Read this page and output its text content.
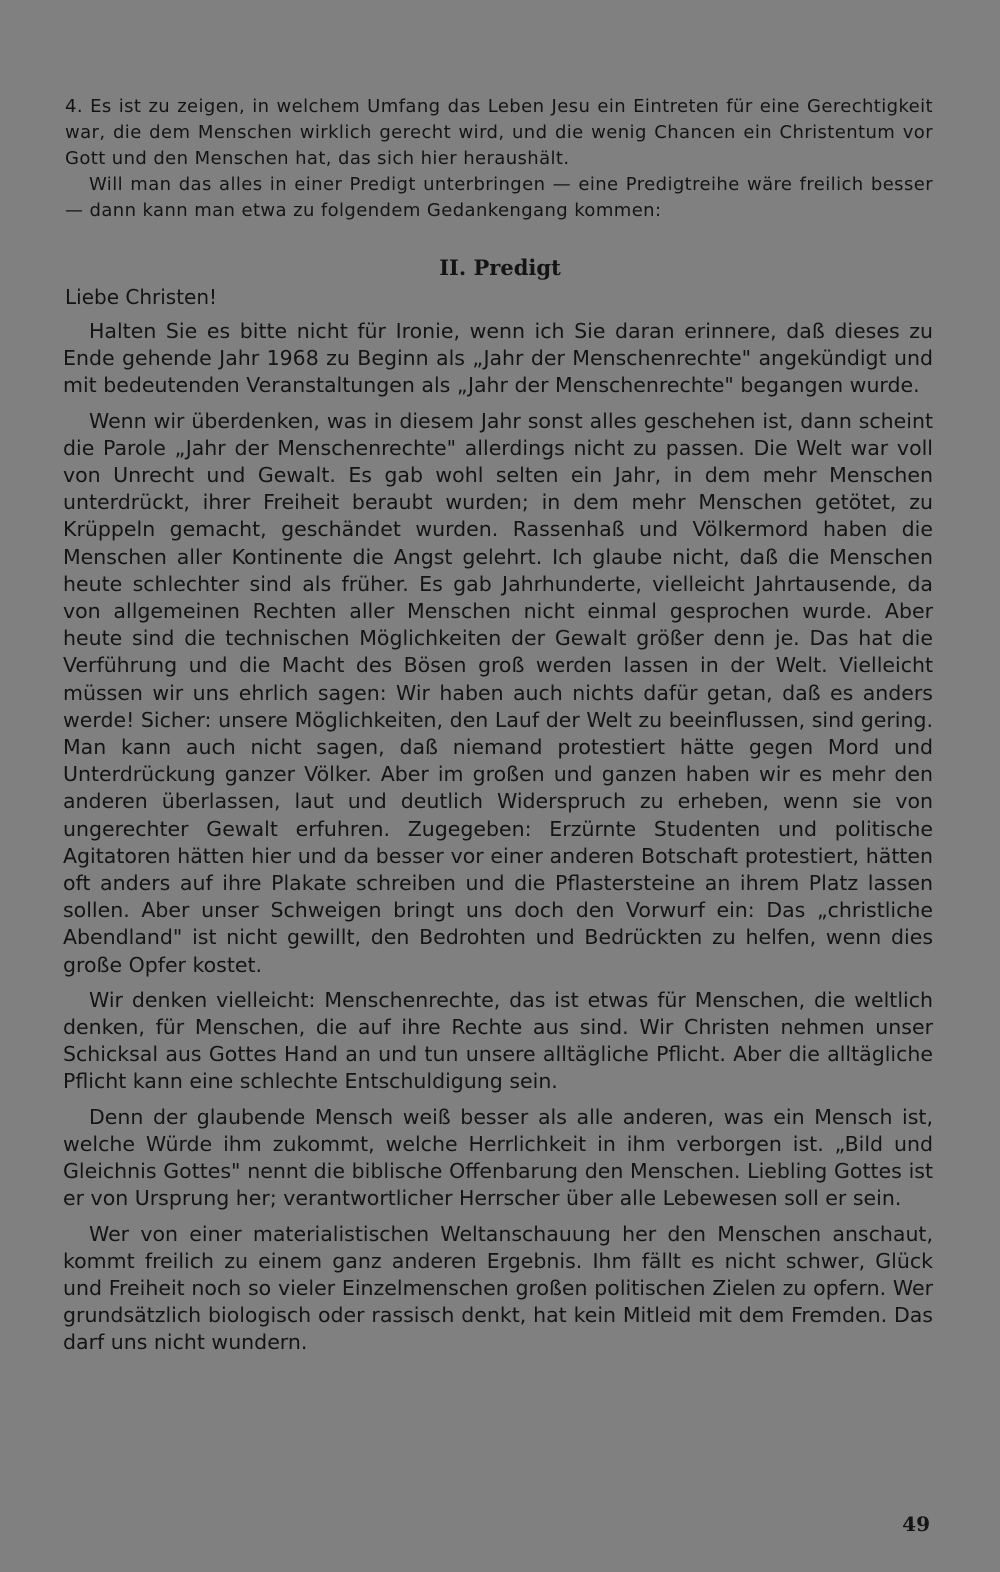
4. Es ist zu zeigen, in welchem Umfang das Leben Jesu ein Eintreten für eine Gerechtigkeit war, die dem Menschen wirklich gerecht wird, und die wenig Chancen ein Christentum vor Gott und den Menschen hat, das sich hier heraushält.

Will man das alles in einer Predigt unterbringen — eine Predigtreihe wäre freilich besser — dann kann man etwa zu folgendem Gedankengang kommen:

II. Predigt
Liebe Christen!

Halten Sie es bitte nicht für Ironie, wenn ich Sie daran erinnere, daß dieses zu Ende gehende Jahr 1968 zu Beginn als „Jahr der Menschenrechte" angekündigt und mit bedeutenden Veranstaltungen als „Jahr der Menschenrechte" begangen wurde.

Wenn wir überdenken, was in diesem Jahr sonst alles geschehen ist, dann scheint die Parole „Jahr der Menschenrechte" allerdings nicht zu passen. Die Welt war voll von Unrecht und Gewalt. Es gab wohl selten ein Jahr, in dem mehr Menschen unterdrückt, ihrer Freiheit beraubt wurden; in dem mehr Menschen getötet, zu Krüppeln gemacht, geschändet wurden. Rassenhaß und Völkermord haben die Menschen aller Kontinente die Angst gelehrt. Ich glaube nicht, daß die Menschen heute schlechter sind als früher. Es gab Jahrhunderte, vielleicht Jahrtausende, da von allgemeinen Rechten aller Menschen nicht einmal gesprochen wurde. Aber heute sind die technischen Möglichkeiten der Gewalt größer denn je. Das hat die Verführung und die Macht des Bösen groß werden lassen in der Welt. Vielleicht müssen wir uns ehrlich sagen: Wir haben auch nichts dafür getan, daß es anders werde! Sicher: unsere Möglichkeiten, den Lauf der Welt zu beeinflussen, sind gering. Man kann auch nicht sagen, daß niemand protestiert hätte gegen Mord und Unterdrückung ganzer Völker. Aber im großen und ganzen haben wir es mehr den anderen überlassen, laut und deutlich Widerspruch zu erheben, wenn sie von ungerechter Gewalt erfuhren. Zugegeben: Erzürnte Studenten und politische Agitatoren hätten hier und da besser vor einer anderen Botschaft protestiert, hätten oft anders auf ihre Plakate schreiben und die Pflastersteine an ihrem Platz lassen sollen. Aber unser Schweigen bringt uns doch den Vorwurf ein: Das „christliche Abendland" ist nicht gewillt, den Bedrohten und Bedrückten zu helfen, wenn dies große Opfer kostet.

Wir denken vielleicht: Menschenrechte, das ist etwas für Menschen, die weltlich denken, für Menschen, die auf ihre Rechte aus sind. Wir Christen nehmen unser Schicksal aus Gottes Hand an und tun unsere alltägliche Pflicht. Aber die alltägliche Pflicht kann eine schlechte Entschuldigung sein.

Denn der glaubende Mensch weiß besser als alle anderen, was ein Mensch ist, welche Würde ihm zukommt, welche Herrlichkeit in ihm verborgen ist. „Bild und Gleichnis Gottes" nennt die biblische Offenbarung den Menschen. Liebling Gottes ist er von Ursprung her; verantwortlicher Herrscher über alle Lebewesen soll er sein.

Wer von einer materialistischen Weltanschauung her den Menschen anschaut, kommt freilich zu einem ganz anderen Ergebnis. Ihm fällt es nicht schwer, Glück und Freiheit noch so vieler Einzelmenschen großen politischen Zielen zu opfern. Wer grundsätzlich biologisch oder rassisch denkt, hat kein Mitleid mit dem Fremden. Das darf uns nicht wundern.

49
